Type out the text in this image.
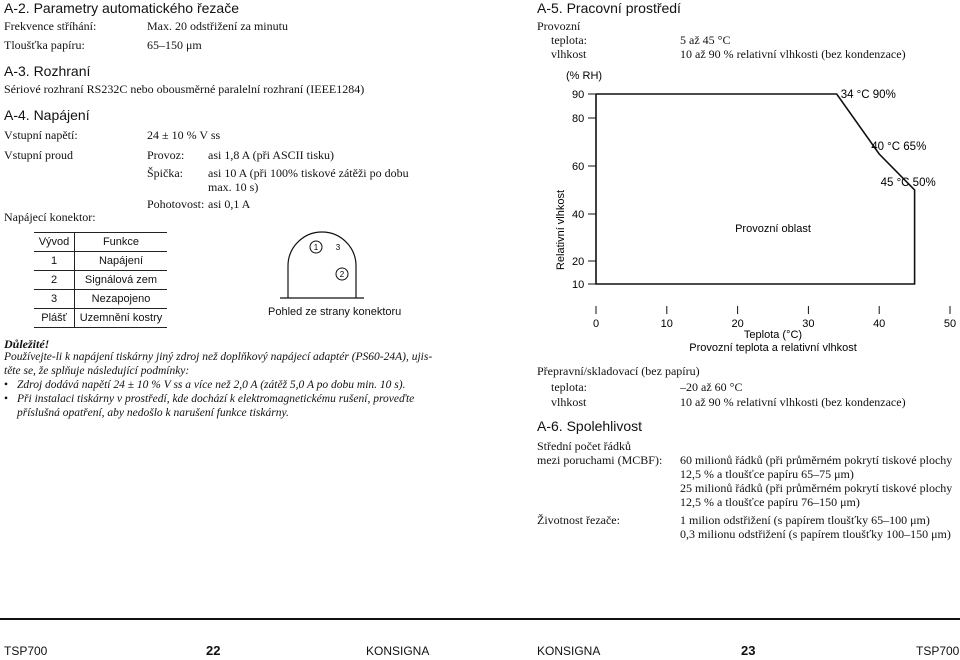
A-2. Parametry automatického řezače
Frekvence stříhání:	Max. 20 odstřižení za minutu
Tloušťka papíru:	65–150 μm
A-3. Rozhraní
Sériové rozhraní RS232C nebo obousměrné paralelní rozhraní (IEEE1284)
A-4. Napájení
Vstupní napětí:	24 ± 10 % V ss
Vstupní proud	Provoz: asi 1,8 A (při ASCII tisku)
Špička: asi 10 A (při 100% tiskové zátěži po dobu
max. 10 s)
Pohotovost: asi 0,1 A
Napájecí konektor:
Vývod	Funkce
1	Napájení
2	Signálová zem
3	Nezapojeno
Plášť	Uzemnění kostry
1 3
2
Pohled ze strany konektoru
Důležité!
Používejte-li k napájení tiskárny jiný zdroj než doplňkový napájecí adaptér (PS60-24A), ujis-
těte se, že splňuje následující podmínky:
• Zdroj dodává napětí 24 ± 10 % V ss a více než 2,0 A (zátěž 5,0 A po dobu min. 10 s).
• Při instalaci tiskárny v prostředí, kde dochází k elektromagnetickému rušení, proveďte
příslušná opatření, aby nedošlo k narušení funkce tiskárny.
A-5. Pracovní prostředí
Provozní
teplota:	5 až 45 °C
vlhkost	10 až 90 % relativní vlhkosti (bez kondenzace)
(% RH)
Relativní vlhkost
10
20
40
60
80
90
0	10	20	30	40	50
34 °C 90%
40 °C 65%
45 °C 50%
Provozní oblast
Teplota (°C)
Provozní teplota a relativní vlhkost
Přepravní/skladovací (bez papíru)
teplota:	–20 až 60 °C
vlhkost	10 až 90 % relativní vlhkosti (bez kondenzace)
A-6. Spolehlivost
Střední počet řádků
mezi poruchami (MCBF): 60 milionů řádků (při průměrném pokrytí tiskové plochy
12,5 % a tloušťce papíru 65–75 μm)
25 milionů řádků (při průměrném pokrytí tiskové plochy
12,5 % a tloušťce papíru 76–150 μm)
Životnost řezače:	1 milion odstřižení (s papírem tloušťky 65–100 μm)
0,3 milionu odstřižení (s papírem tloušťky 100–150 μm)
TSP700	22	KONSIGNA	KONSIGNA	23	TSP700
